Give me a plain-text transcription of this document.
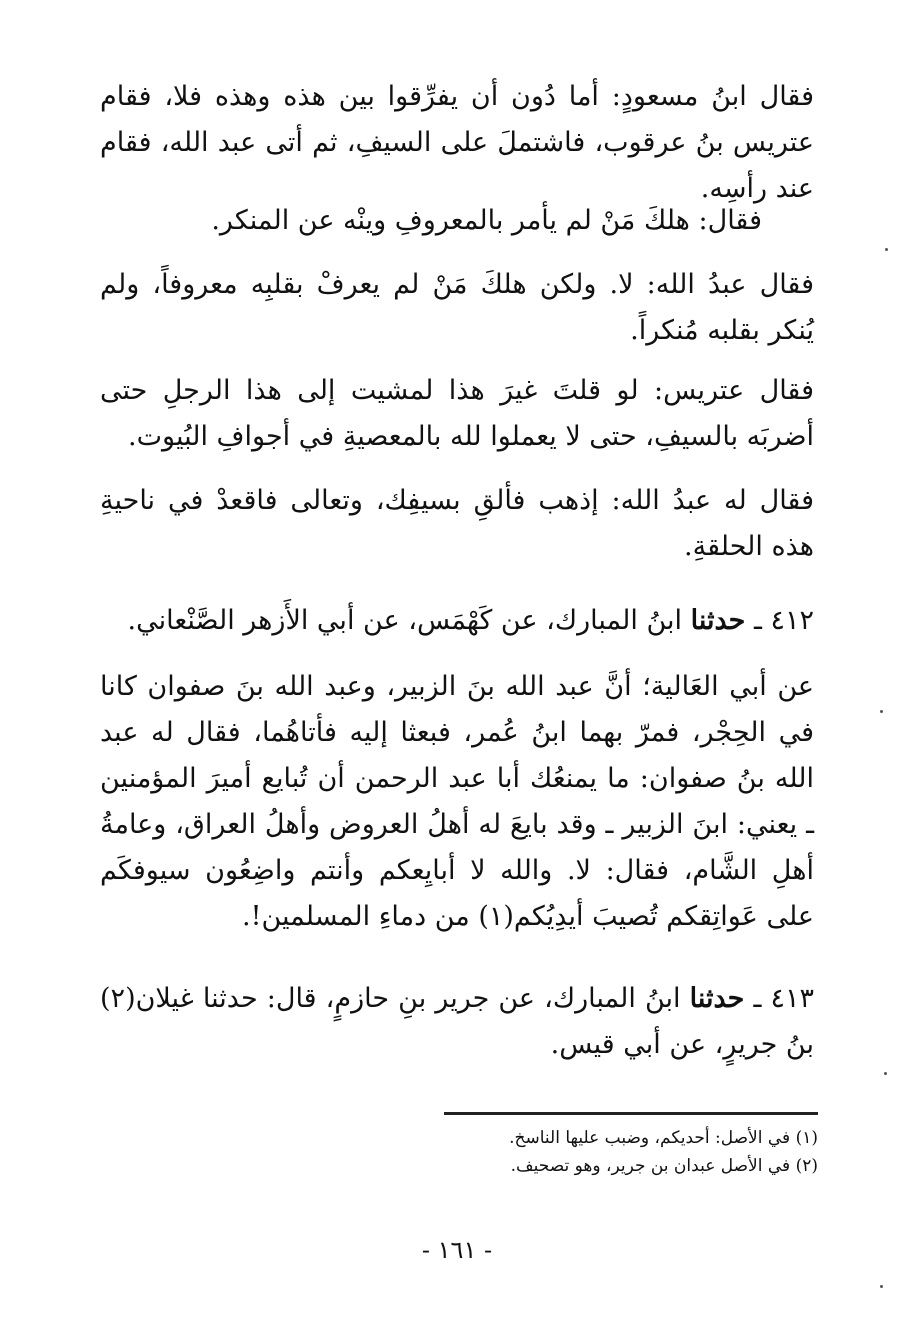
فقال ابنُ مسعودٍ: أما دُون أن يفرِّقوا بين هذه وهذه فلا، فقام عتريس بنُ عرقوب، فاشتملَ على السيفِ، ثم أتى عبد الله، فقام عند رأسِه.

فقال: هلكَ مَنْ لم يأمر بالمعروفِ وينْه عن المنكر.

فقال عبدُ الله: لا. ولكن هلكَ مَنْ لم يعرفْ بقلبِه معروفاً، ولم يُنكر بقلبه مُنكراً.

فقال عتريس: لو قلتَ غيرَ هذا لمشيت إلى هذا الرجلِ حتى أضربَه بالسيفِ، حتى لا يعملوا لله بالمعصيةِ في أجوافِ البُيوت.

فقال له عبدُ الله: إذهب فألقِ بسيفِك، وتعالى فاقعدْ في ناحيةِ هذه الحلقةِ.

٤١٢ ـ حدثنا ابنُ المبارك، عن كَهْمَس، عن أبي الأَزهر الصَّنْعاني.

عن أبي العَالية؛ أنَّ عبد الله بنَ الزبير، وعبد الله بنَ صفوان كانا في الحِجْر، فمرّ بهما ابنُ عُمر، فبعثا إليه فأتاهُما، فقال له عبد الله بنُ صفوان: ما يمنعُك أبا عبد الرحمن أن تُبايع أميرَ المؤمنين ـ يعني: ابنَ الزبير ـ وقد بايعَ له أهلُ العروض وأهلُ العراق، وعامةُ أهلِ الشَّام، فقال: لا. والله لا أبايِعكم وأنتم واضِعُون سيوفكَم على عَواتِقكم تُصيبَ أيدِيُكم(١) من دماءِ المسلمين!.

٤١٣ ـ حدثنا ابنُ المبارك، عن جرير بنِ حازمٍ، قال: حدثنا غيلان(٢) بنُ جريرٍ، عن أبي قيس.

(١) في الأصل: أحديكم، وضبب عليها الناسخ.

(٢) في الأصل عبدان بن جرير، وهو تصحيف.

- ١٦١ -
